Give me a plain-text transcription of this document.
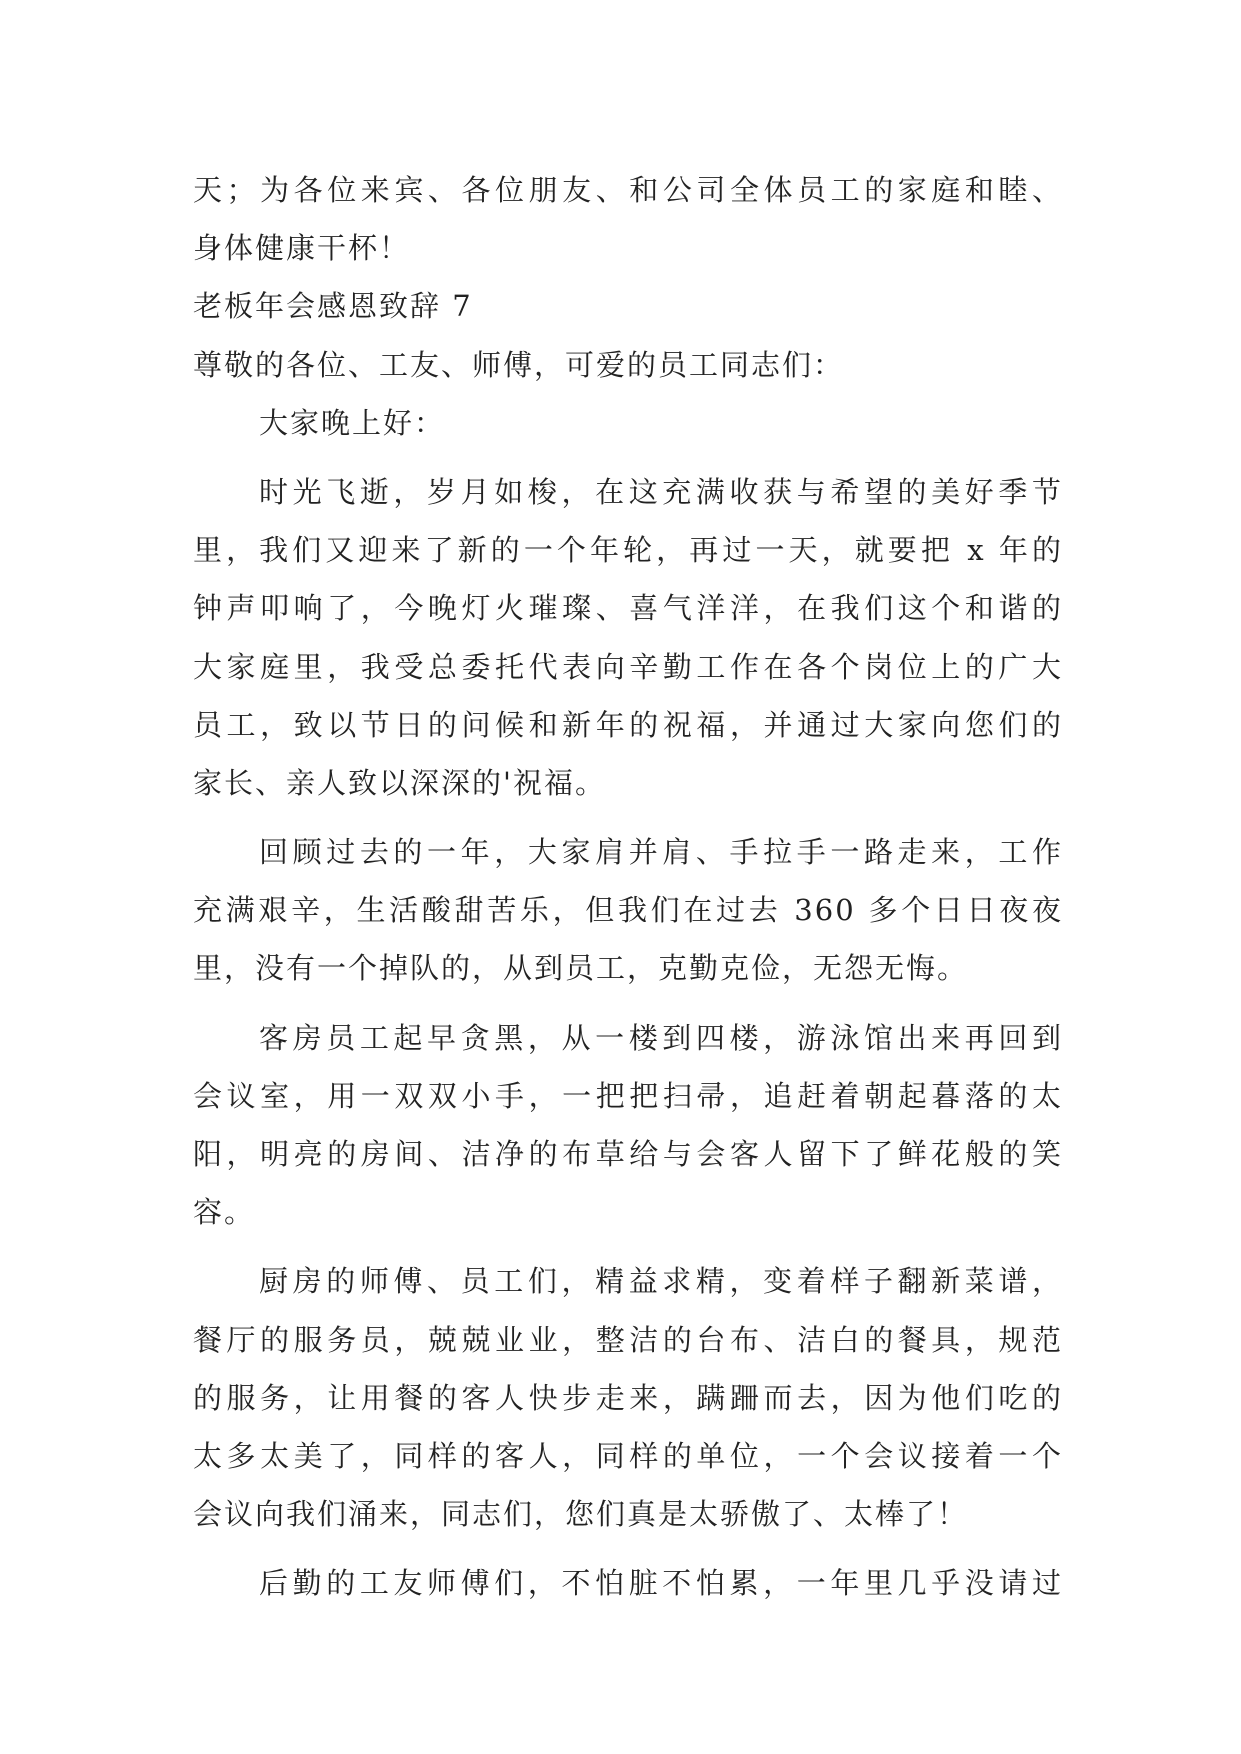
天；为各位来宾、各位朋友、和公司全体员工的家庭和睦、
身体健康干杯！
老板年会感恩致辞 7
尊敬的各位、工友、师傅，可爱的员工同志们：
大家晚上好：
时光飞逝，岁月如梭，在这充满收获与希望的美好季节
里，我们又迎来了新的一个年轮，再过一天，就要把 x 年的
钟声叩响了，今晚灯火璀璨、喜气洋洋，在我们这个和谐的
大家庭里，我受总委托代表向辛勤工作在各个岗位上的广大
员工，致以节日的问候和新年的祝福，并通过大家向您们的
家长、亲人致以深深的'祝福。
回顾过去的一年，大家肩并肩、手拉手一路走来，工作
充满艰辛，生活酸甜苦乐，但我们在过去 360 多个日日夜夜
里，没有一个掉队的，从到员工，克勤克俭，无怨无悔。
客房员工起早贪黑，从一楼到四楼，游泳馆出来再回到
会议室，用一双双小手，一把把扫帚，追赶着朝起暮落的太
阳，明亮的房间、洁净的布草给与会客人留下了鲜花般的笑
容。
厨房的师傅、员工们，精益求精，变着样子翻新菜谱，
餐厅的服务员，兢兢业业，整洁的台布、洁白的餐具，规范
的服务，让用餐的客人快步走来，蹒跚而去，因为他们吃的
太多太美了，同样的客人，同样的单位，一个会议接着一个
会议向我们涌来，同志们，您们真是太骄傲了、太棒了！
后勤的工友师傅们，不怕脏不怕累，一年里几乎没请过
